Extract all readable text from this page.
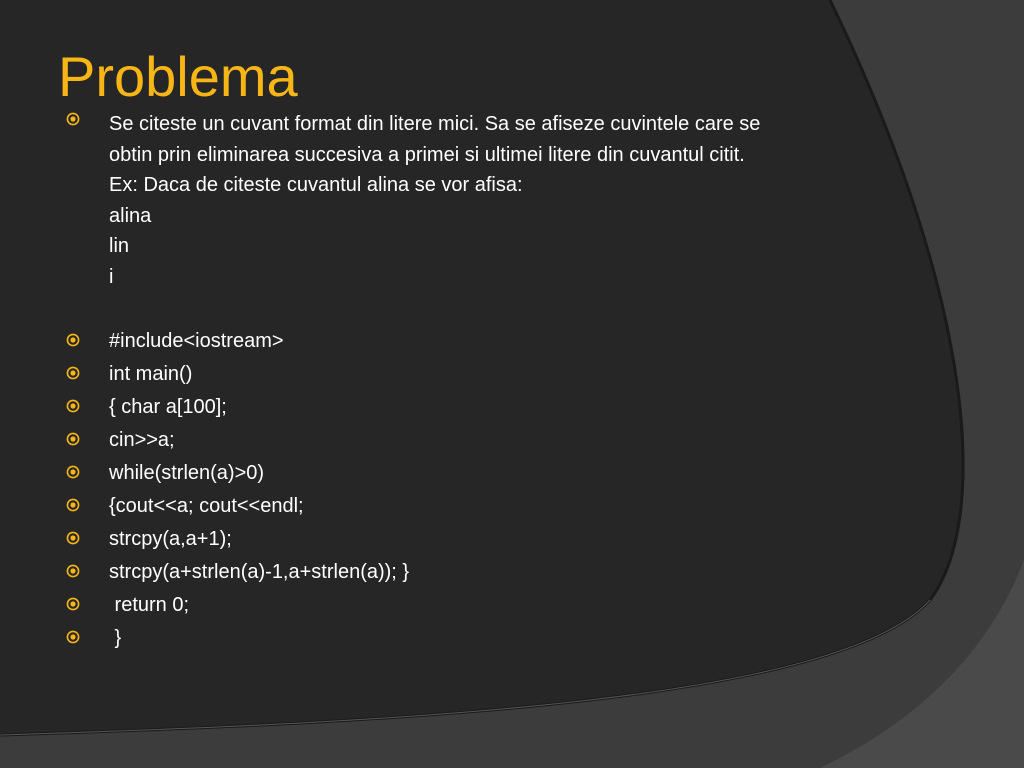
Problema
Se citeste un cuvant format din litere mici. Sa se afiseze cuvintele care se
obtin prin eliminarea succesiva a primei si ultimei litere din cuvantul citit.
Ex: Daca de citeste cuvantul alina se vor afisa:
alina
lin
i
#include<iostream>
int main()
{ char a[100];
cin>>a;
while(strlen(a)>0)
{cout<<a; cout<<endl;
strcpy(a,a+1);
strcpy(a+strlen(a)-1,a+strlen(a)); }
return 0;
}
